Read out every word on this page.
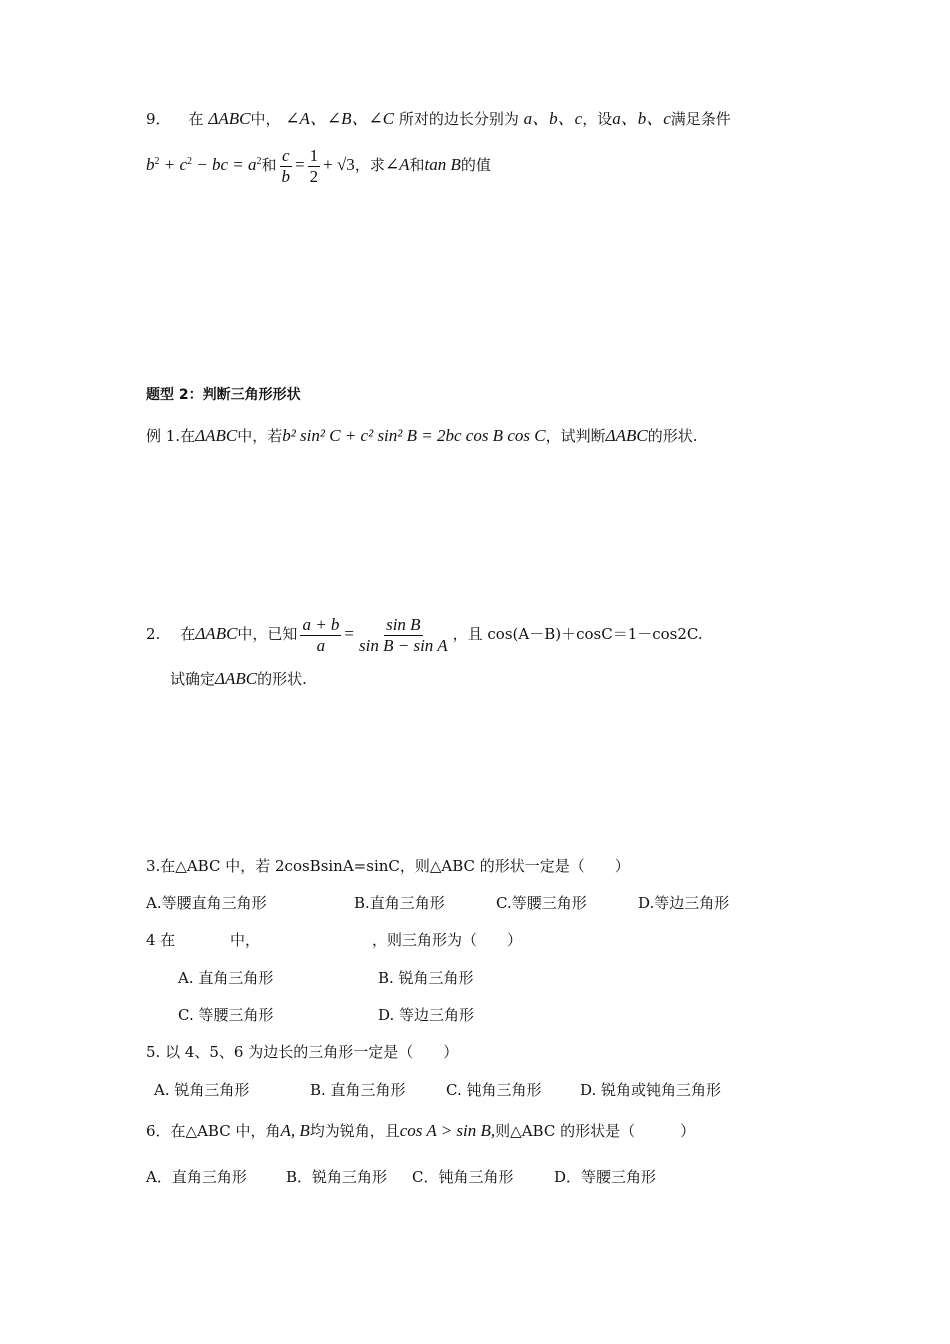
9． 在 ΔABC中， ∠A、∠B、∠C 所对的边长分别为 a、b、c，设a、b、c满足条件
$b^2 + c^2$ − bc = $a^2$和 $\frac{c}{b} = \frac{1}{2} + √3$，求∠A和tan B的值
题型 2：判断三角形形状
例 1.在ΔABC中，若b² sin² C + c² sin² B = 2bc cos B cos C，试判断ΔABC的形状.
2. 在ΔABC中，已知 $\frac{a + b}{a} = \frac{\text{sin B}}{\text{sin B − sin A}}$ ，且 cos(A－B)＋cosC＝1－cos2C.
试确定ΔABC的形状.
3.在△ABC 中，若 2cosBsinA=sinC，则△ABC 的形状一定是（　　）
A.等腰直角三角形	B.直角三角形	C.等腰三角形	D.等边三角形
4 在	中，	，则三角形为（　　）
A. 直角三角形	B. 锐角三角形
C. 等腰三角形	D. 等边三角形
5. 以 4、5、6 为边长的三角形一定是（　　）
A. 锐角三角形	B. 直角三角形	C. 钝角三角形	D. 锐角或钝角三角形
6．在△ABC 中，角A, B均为锐角，且cos A > sin B,则△ABC 的形状是（　　　）
A．直角三角形	B．锐角三角形 C．钝角三角形	D．等腰三角形
